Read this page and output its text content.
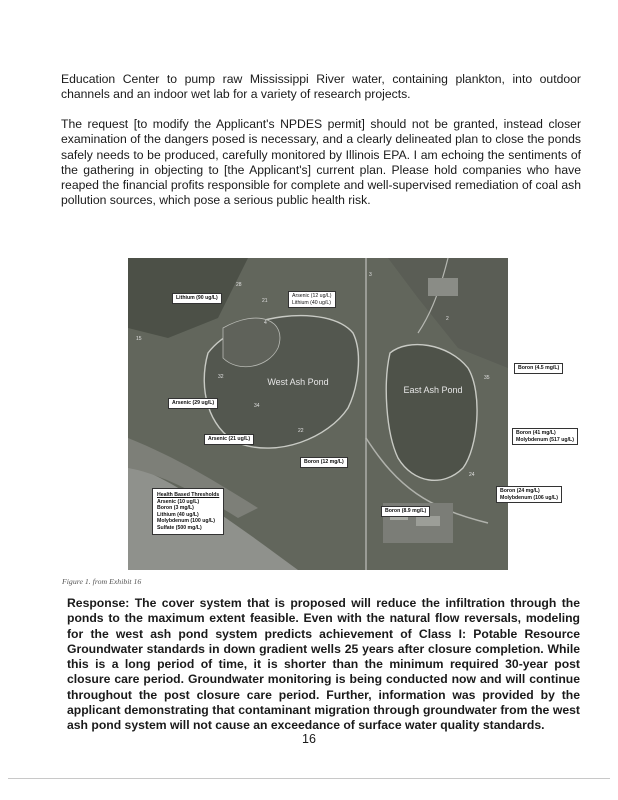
Education Center to pump raw Mississippi River water, containing plankton, into outdoor channels and an indoor wet lab for a variety of research projects.

The request [to modify the Applicant's NPDES permit] should not be granted, instead closer examination of the dangers posed is necessary, and a clearly delineated plan to close the ponds safely needs to be produced, carefully monitored by Illinois EPA. I am echoing the sentiments of the gathering in objecting to [the Applicant's] current plan. Please hold companies who have reaped the financial profits responsible for complete and well-supervised remediation of coal ash pollution sources, which pose a serious public health risk.

West Ash Pond
East Ash Pond
28
21
4
15
3
2
32
34
22
35
24
Lithium (90 ug/L)	Arsenic (12 ug/L)
Lithium (40 ug/L)
Arsenic (29 ug/L)
Arsenic (21 ug/L)
Boron (12 mg/L)
Boron (4.5 mg/L)
Boron (41 mg/L)
Molybdenum (517 ug/L)
Boron (24 mg/L)
Molybdenum (106 ug/L)
Boron (8.9 mg/L)
Health Based Thresholds
Arsenic (10 ug/L)
Boron (3 mg/L)
Lithium (40 ug/L)
Molybdenum (100 ug/L)
Sulfate (500 mg/L)
Figure 1. from Exhibit 16

Response: The cover system that is proposed will reduce the infiltration through the ponds to the maximum extent feasible. Even with the natural flow reversals, modeling for the west ash pond system predicts achievement of Class I: Potable Resource Groundwater standards in down gradient wells 25 years after closure completion. While this is a long period of time, it is shorter than the minimum required 30-year post closure care period. Groundwater monitoring is being conducted now and will continue throughout the post closure care period. Further, information was provided by the applicant demonstrating that contaminant migration through groundwater from the west ash pond system will not cause an exceedance of surface water quality standards.

16
